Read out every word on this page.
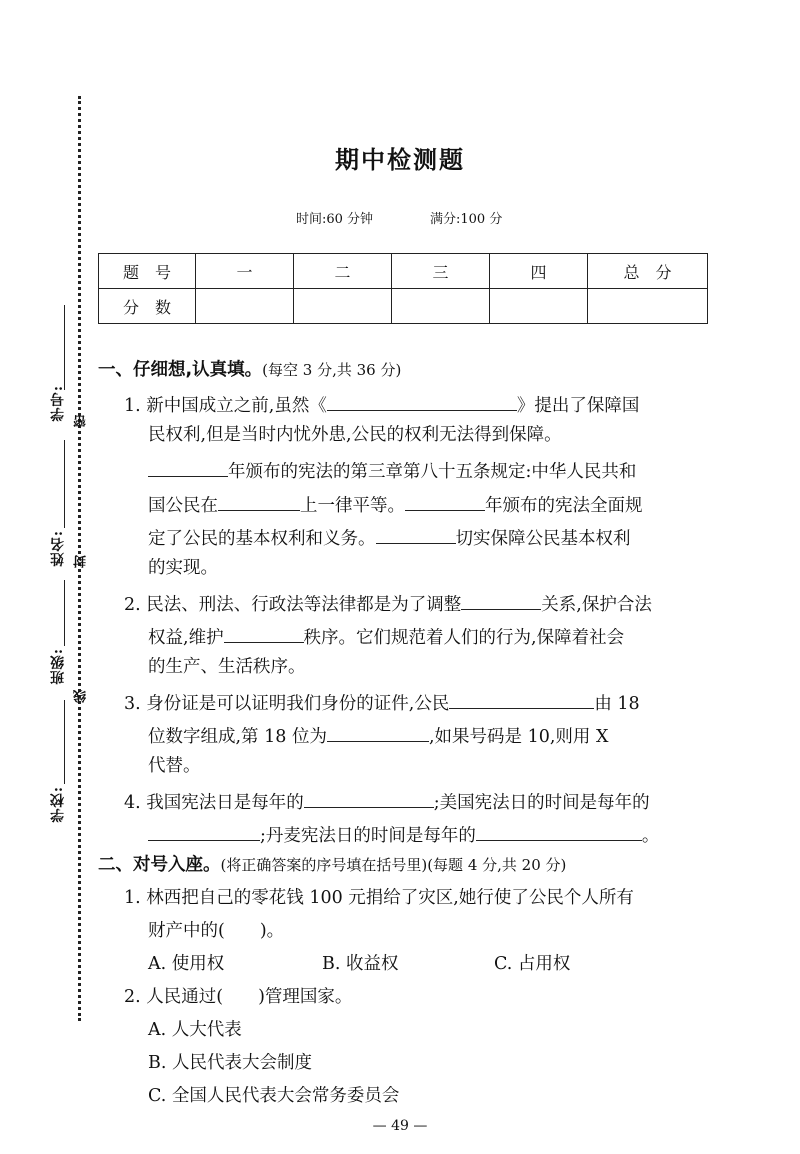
学号:
姓名:
班级:
学校:
密
封
线
期中检测题
时间:60 分钟	满分:100 分
题　号	一	二	三	四	总　分
分　数					
一、仔细想,认真填。(每空 3 分,共 36 分)
1. 新中国成立之前,虽然《	》提出了保障国
民权利,但是当时内忧外患,公民的权利无法得到保障。
年颁布的宪法的第三章第八十五条规定:中华人民共和
国公民在	上一律平等。	年颁布的宪法全面规
定了公民的基本权利和义务。	切实保障公民基本权利
的实现。
2. 民法、刑法、行政法等法律都是为了调整	关系,保护合法
权益,维护	秩序。它们规范着人们的行为,保障着社会
的生产、生活秩序。
3. 身份证是可以证明我们身份的证件,公民	由 18
位数字组成,第 18 位为	,如果号码是 10,则用 X
代替。
4. 我国宪法日是每年的	;美国宪法日的时间是每年的
;丹麦宪法日的时间是每年的	。
二、对号入座。(将正确答案的序号填在括号里)(每题 4 分,共 20 分)
1. 林西把自己的零花钱 100 元捐给了灾区,她行使了公民个人所有
财产中的(　　)。
A. 使用权	B. 收益权	C. 占用权
2. 人民通过(　　)管理国家。
A. 人大代表
B. 人民代表大会制度
C. 全国人民代表大会常务委员会
— 49 —
